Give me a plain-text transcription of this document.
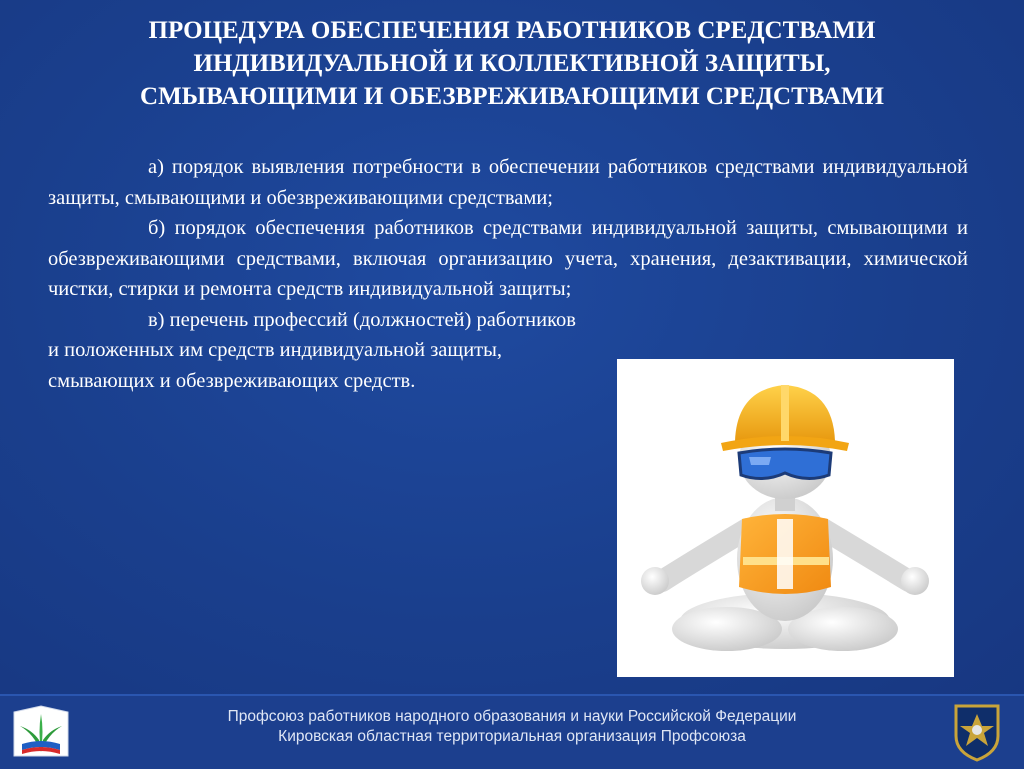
ПРОЦЕДУРА ОБЕСПЕЧЕНИЯ РАБОТНИКОВ СРЕДСТВАМИ
ИНДИВИДУАЛЬНОЙ И КОЛЛЕКТИВНОЙ ЗАЩИТЫ,
СМЫВАЮЩИМИ И ОБЕЗВРЕЖИВАЮЩИМИ СРЕДСТВАМИ

а) порядок выявления потребности в обеспечении работников средствами индивидуальной защиты, смывающими и обезвреживающими средствами;

б) порядок обеспечения работников средствами индивидуальной защиты, смывающими и обезвреживающими средствами, включая организацию учета, хранения, дезактивации, химической чистки, стирки и ремонта средств индивидуальной защиты;

в) перечень профессий (должностей) работников и положенных им средств индивидуальной защиты, смывающих и обезвреживающих средств.

Профсоюз работников народного образования и науки Российской Федерации
Кировская областная территориальная организация Профсоюза
